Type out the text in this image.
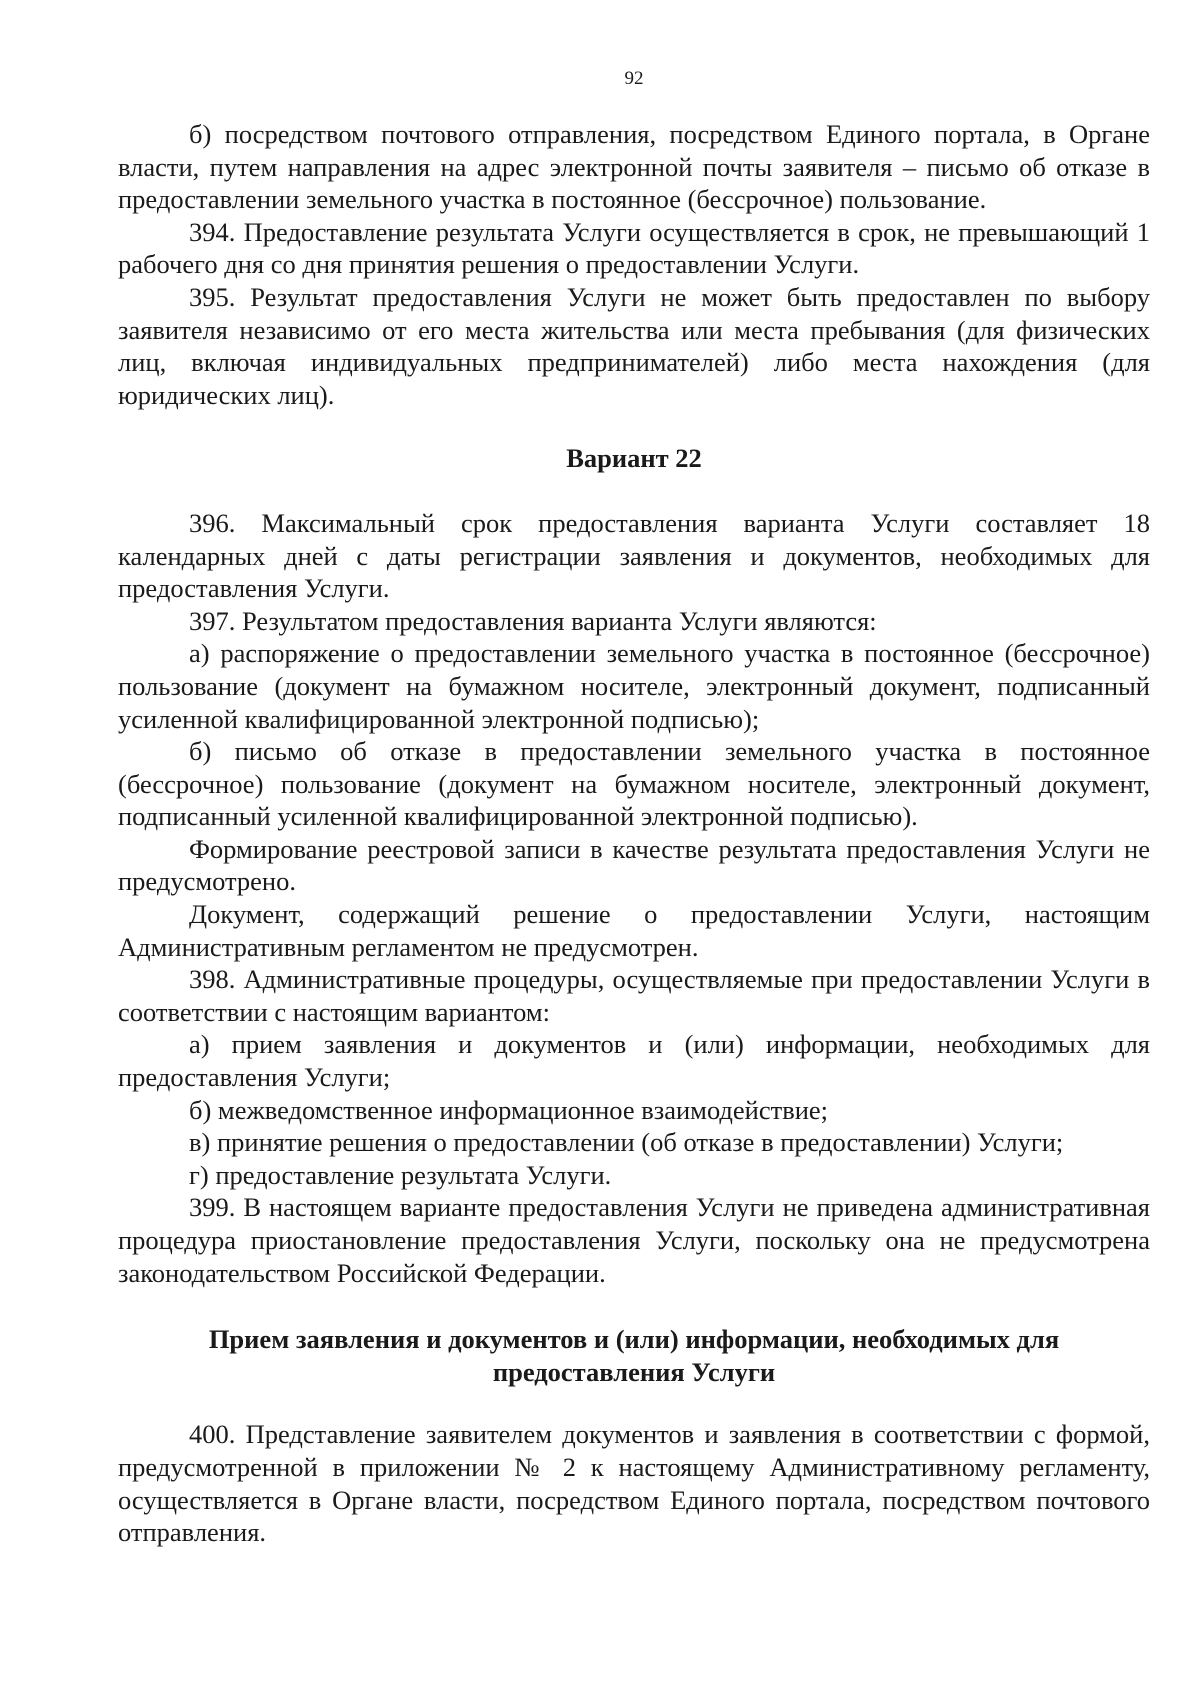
92

б) посредством почтового отправления, посредством Единого портала, в Органе власти, путем направления на адрес электронной почты заявителя – письмо об отказе в предоставлении земельного участка в постоянное (бессрочное) пользование.

394. Предоставление результата Услуги осуществляется в срок, не превышающий 1 рабочего дня со дня принятия решения о предоставлении Услуги.

395. Результат предоставления Услуги не может быть предоставлен по выбору заявителя независимо от его места жительства или места пребывания (для физических лиц, включая индивидуальных предпринимателей) либо места нахождения (для юридических лиц).

Вариант 22

396. Максимальный срок предоставления варианта Услуги составляет 18 календарных дней с даты регистрации заявления и документов, необходимых для предоставления Услуги.

397. Результатом предоставления варианта Услуги являются:

а) распоряжение о предоставлении земельного участка в постоянное (бессрочное) пользование (документ на бумажном носителе, электронный документ, подписанный усиленной квалифицированной электронной подписью);

б) письмо об отказе в предоставлении земельного участка в постоянное (бессрочное) пользование (документ на бумажном носителе, электронный документ, подписанный усиленной квалифицированной электронной подписью).

Формирование реестровой записи в качестве результата предоставления Услуги не предусмотрено.

Документ, содержащий решение о предоставлении Услуги, настоящим Административным регламентом не предусмотрен.

398. Административные процедуры, осуществляемые при предоставлении Услуги в соответствии с настоящим вариантом:

а) прием заявления и документов и (или) информации, необходимых для предоставления Услуги;

б) межведомственное информационное взаимодействие;

в) принятие решения о предоставлении (об отказе в предоставлении) Услуги;

г) предоставление результата Услуги.

399. В настоящем варианте предоставления Услуги не приведена административная процедура приостановление предоставления Услуги, поскольку она не предусмотрена законодательством Российской Федерации.

Прием заявления и документов и (или) информации, необходимых для предоставления Услуги

400. Представление заявителем документов и заявления в соответствии с формой, предусмотренной в приложении № 2 к настоящему Административному регламенту, осуществляется в Органе власти, посредством Единого портала, посредством почтового отправления.
